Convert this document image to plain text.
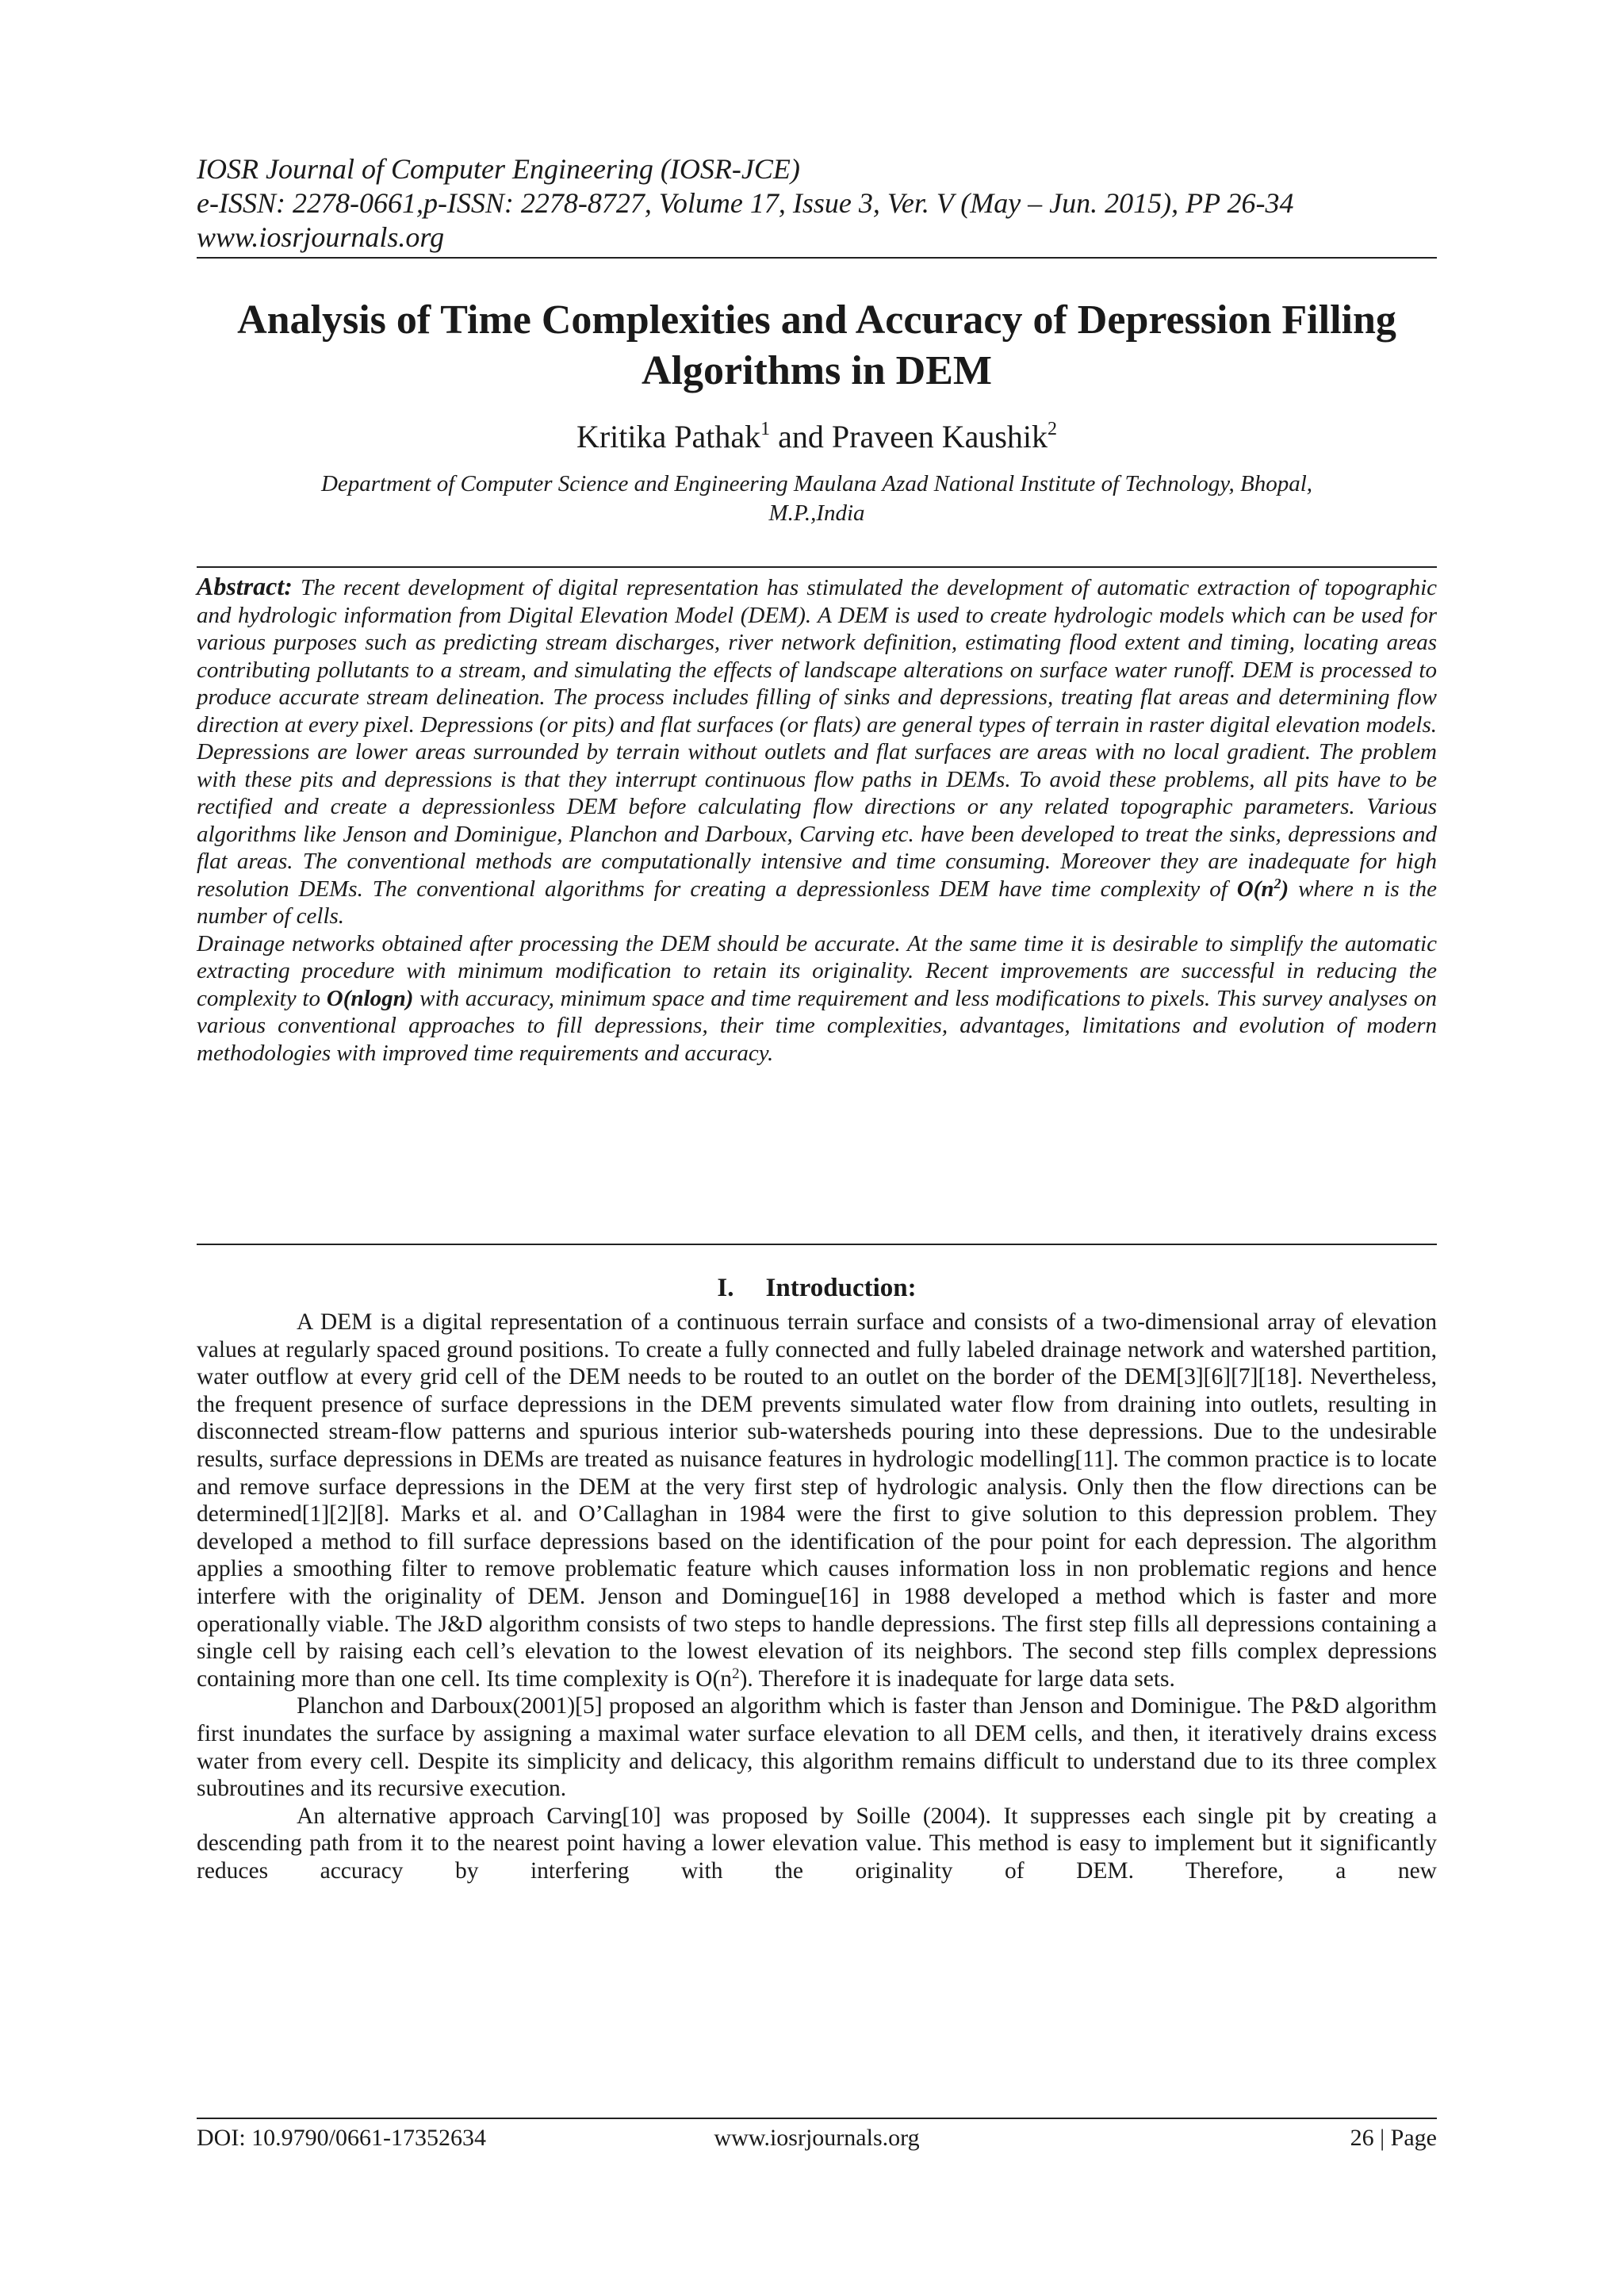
IOSR Journal of Computer Engineering (IOSR-JCE)
e-ISSN: 2278-0661,p-ISSN: 2278-8727, Volume 17, Issue 3, Ver. V (May – Jun. 2015), PP 26-34
www.iosrjournals.org
Analysis of Time Complexities and Accuracy of Depression Filling
Algorithms in DEM
Kritika Pathak$^1$ and Praveen Kaushik$^2$
Department of Computer Science and Engineering Maulana Azad National Institute of Technology, Bhopal,
M.P.,India

Abstract: The recent development of digital representation has stimulated the development of automatic extraction of topographic and hydrologic information from Digital Elevation Model (DEM). A DEM is used to create hydrologic models which can be used for various purposes such as predicting stream discharges, river network definition, estimating flood extent and timing, locating areas contributing pollutants to a stream, and simulating the effects of landscape alterations on surface water runoff. DEM is processed to produce accurate stream delineation. The process includes filling of sinks and depressions, treating flat areas and determining flow direction at every pixel. Depressions (or pits) and flat surfaces (or flats) are general types of terrain in raster digital elevation models. Depressions are lower areas surrounded by terrain without outlets and flat surfaces are areas with no local gradient. The problem with these pits and depressions is that they interrupt continuous flow paths in DEMs. To avoid these problems, all pits have to be rectified and create a depressionless DEM before calculating flow directions or any related topographic parameters. Various algorithms like Jenson and Dominigue, Planchon and Darboux, Carving etc. have been developed to treat the sinks, depressions and flat areas. The conventional methods are computationally intensive and time consuming. Moreover they are inadequate for high resolution DEMs. The conventional algorithms for creating a depressionless DEM have time complexity of $O(n^2)$ where n is the number of cells.

Drainage networks obtained after processing the DEM should be accurate. At the same time it is desirable to simplify the automatic extracting procedure with minimum modification to retain its originality. Recent improvements are successful in reducing the complexity to O(nlogn) with accuracy, minimum space and time requirement and less modifications to pixels. This survey analyses on various conventional approaches to fill depressions, their time complexities, advantages, limitations and evolution of modern methodologies with improved time requirements and accuracy.

I. Introduction:

A DEM is a digital representation of a continuous terrain surface and consists of a two-dimensional array of elevation values at regularly spaced ground positions. To create a fully connected and fully labeled drainage network and watershed partition, water outflow at every grid cell of the DEM needs to be routed to an outlet on the border of the DEM[3][6][7][18]. Nevertheless, the frequent presence of surface depressions in the DEM prevents simulated water flow from draining into outlets, resulting in disconnected stream-flow patterns and spurious interior sub-watersheds pouring into these depressions. Due to the undesirable results, surface depressions in DEMs are treated as nuisance features in hydrologic modelling[11]. The common practice is to locate and remove surface depressions in the DEM at the very first step of hydrologic analysis. Only then the flow directions can be determined[1][2][8]. Marks et al. and O’Callaghan in 1984 were the first to give solution to this depression problem. They developed a method to fill surface depressions based on the identification of the pour point for each depression. The algorithm applies a smoothing filter to remove problematic feature which causes information loss in non problematic regions and hence interfere with the originality of DEM. Jenson and Domingue[16] in 1988 developed a method which is faster and more operationally viable. The J&D algorithm consists of two steps to handle depressions. The first step fills all depressions containing a single cell by raising each cell’s elevation to the lowest elevation of its neighbors. The second step fills complex depressions containing more than one cell. Its time complexity is $O(n^2)$. Therefore it is inadequate for large data sets.

Planchon and Darboux(2001)[5] proposed an algorithm which is faster than Jenson and Dominigue. The P&D algorithm first inundates the surface by assigning a maximal water surface elevation to all DEM cells, and then, it iteratively drains excess water from every cell. Despite its simplicity and delicacy, this algorithm remains difficult to understand due to its three complex subroutines and its recursive execution.

An alternative approach Carving[10] was proposed by Soille (2004). It suppresses each single pit by creating a descending path from it to the nearest point having a lower elevation value. This method is easy to implement but it significantly reduces accuracy by interfering with the originality of DEM. Therefore, a new

DOI: 10.9790/0661-17352634	www.iosrjournals.org	26 | Page
